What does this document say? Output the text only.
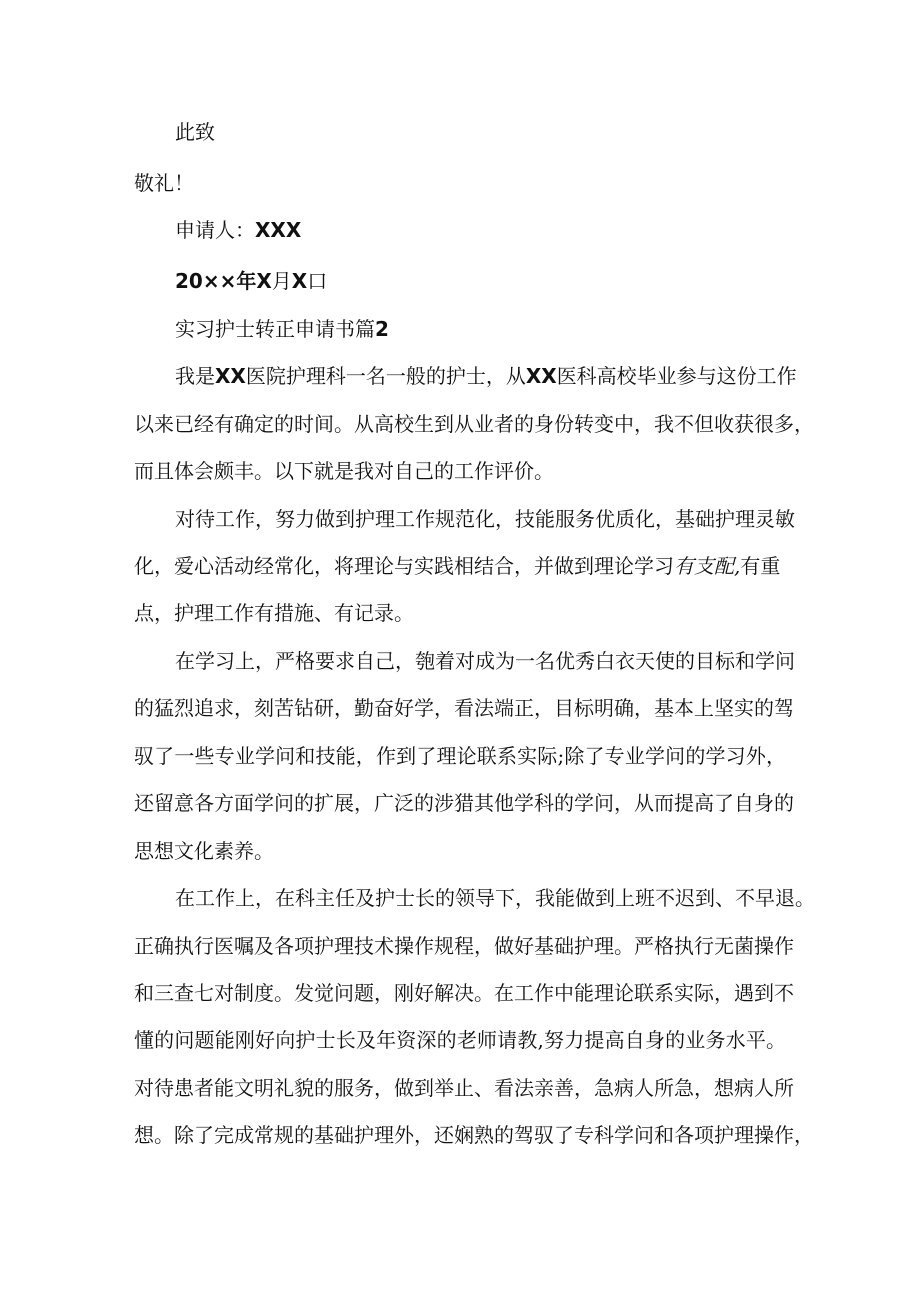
此致
敬礼！
申请人：XXX
20××年X月X口
实习护士转正申请书篇2
我是XX医院护理科一名一般的护士，从XX医科高校毕业参与这份工作
以来已经有确定的时间。从高校生到从业者的身份转变中，我不但收获很多，
而且体会颇丰。以下就是我对自己的工作评价。
对待工作，努力做到护理工作规范化，技能服务优质化，基础护理灵敏
化，爱心活动经常化，将理论与实践相结合，并做到理论学习有支配,有重
点，护理工作有措施、有记录。
在学习上，严格要求自己，匏着对成为一名优秀白衣天使的目标和学问
的猛烈追求，刻苦钻研，勤奋好学，看法端正，目标明确，基本上坚实的驾
驭了一些专业学问和技能，作到了理论联系实际;除了专业学问的学习外，
还留意各方面学问的扩展，广泛的涉猎其他学科的学问，从而提高了自身的
思想文化素养。
在工作上，在科主任及护士长的领导下，我能做到上班不迟到、不早退。
正确执行医嘱及各项护理技术操作规程，做好基础护理。严格执行无菌操作
和三查七对制度。发觉问题，刚好解决。在工作中能理论联系实际，遇到不
懂的问题能刚好向护士长及年资深的老师请教,努力提高自身的业务水平。
对待患者能文明礼貌的服务，做到举止、看法亲善，急病人所急，想病人所
想。除了完成常规的基础护理外，还娴熟的驾驭了专科学问和各项护理操作，
